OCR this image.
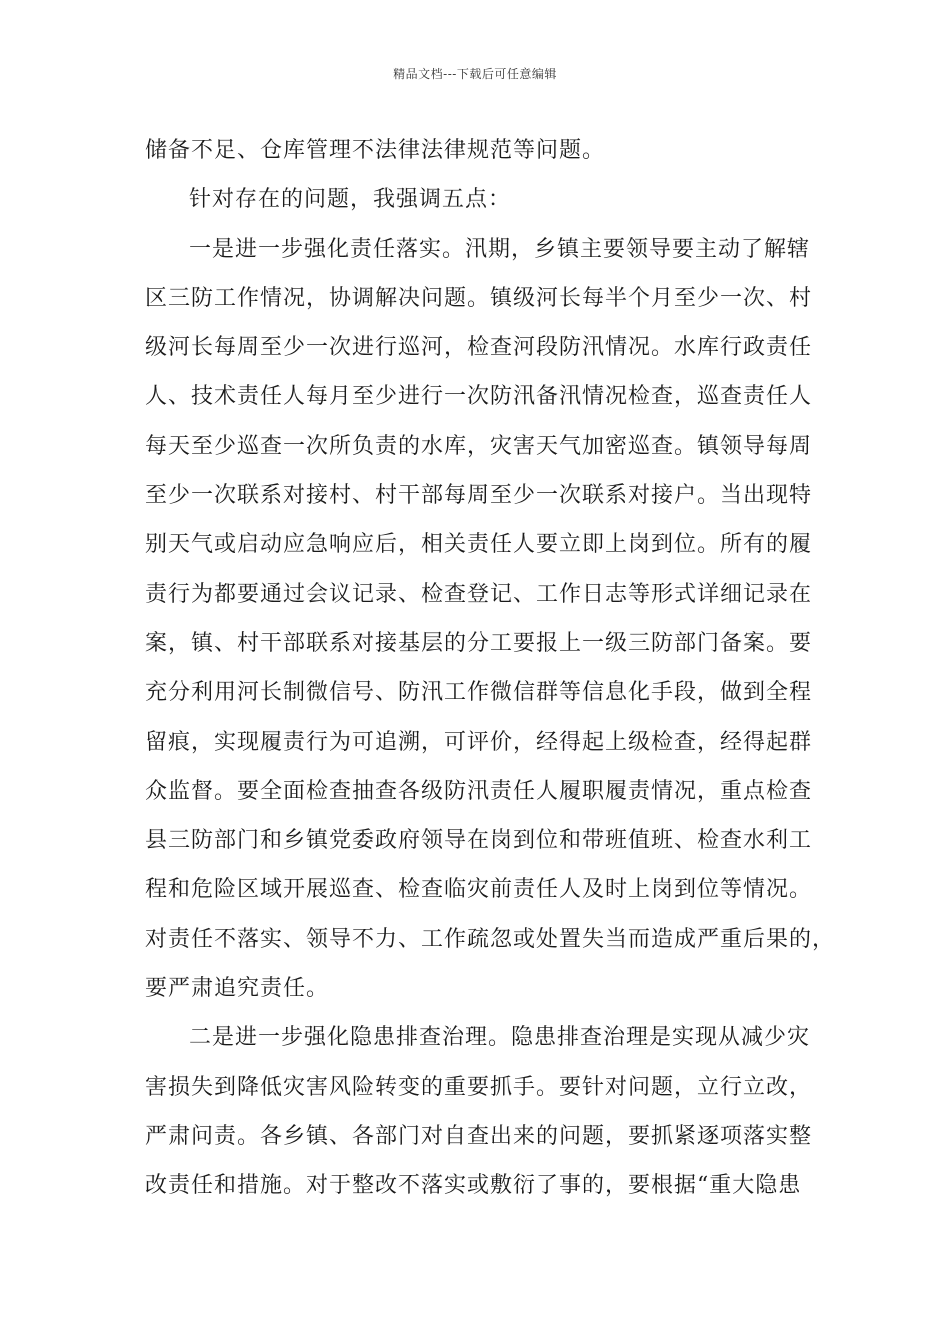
精品文档---下载后可任意编辑
储备不足、仓库管理不法律法律规范等问题。
针对存在的问题，我强调五点：
一是进一步强化责任落实。汛期，乡镇主要领导要主动了解辖
区三防工作情况，协调解决问题。镇级河长每半个月至少一次、村
级河长每周至少一次进行巡河，检查河段防汛情况。水库行政责任
人、技术责任人每月至少进行一次防汛备汛情况检查，巡查责任人
每天至少巡查一次所负责的水库，灾害天气加密巡查。镇领导每周
至少一次联系对接村、村干部每周至少一次联系对接户。当出现特
别天气或启动应急响应后，相关责任人要立即上岗到位。所有的履
责行为都要通过会议记录、检查登记、工作日志等形式详细记录在
案，镇、村干部联系对接基层的分工要报上一级三防部门备案。要
充分利用河长制微信号、防汛工作微信群等信息化手段，做到全程
留痕，实现履责行为可追溯，可评价，经得起上级检查，经得起群
众监督。要全面检查抽查各级防汛责任人履职履责情况，重点检查
县三防部门和乡镇党委政府领导在岗到位和带班值班、检查水利工
程和危险区域开展巡查、检查临灾前责任人及时上岗到位等情况。
对责任不落实、领导不力、工作疏忽或处置失当而造成严重后果的，
要严肃追究责任。
二是进一步强化隐患排查治理。隐患排查治理是实现从减少灾
害损失到降低灾害风险转变的重要抓手。要针对问题，立行立改，
严肃问责。各乡镇、各部门对自查出来的问题，要抓紧逐项落实整
改责任和措施。对于整改不落实或敷衍了事的，要根据“重大隐患
